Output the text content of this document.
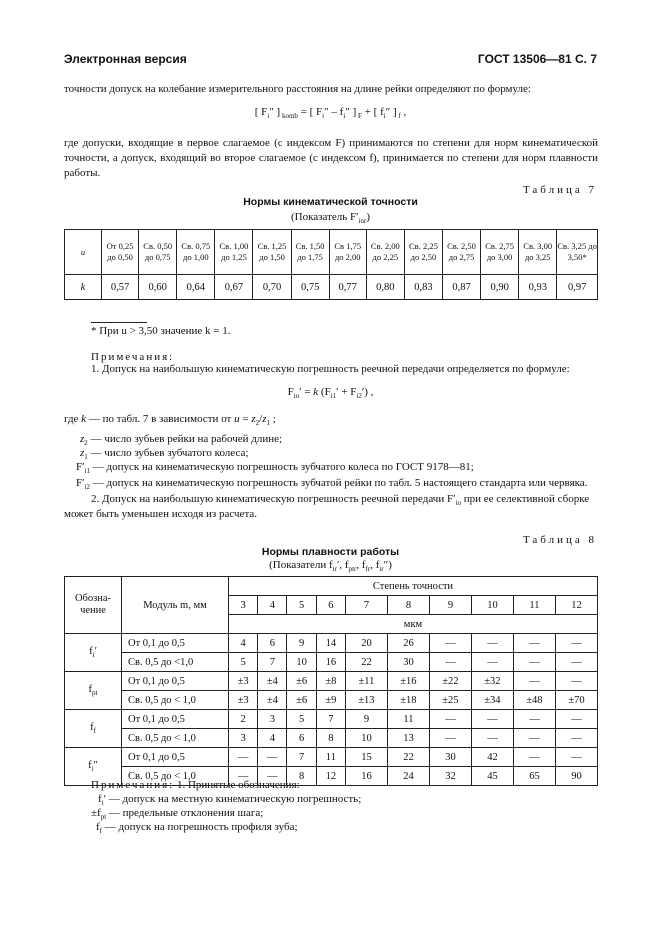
Электронная версия	ГОСТ 13506—81 С. 7
точности допуск на колебание измерительного расстояния на длине рейки определяют по формуле:
[ $F_i''$ ] $_{komb}$ = [ $F_i'' - f_i''$ ] $_F$ + [ $f_i''$ ] $_f$ ,
где допуски, входящие в первое слагаемое (с индексом F) принимаются по степени для норм кинематической точности, а допуск, входящий во второе слагаемое (с индексом f), принимается по степени для норм плавности работы.
Таблица 7
Нормы кинематической точности
(Показатель $F'_{ior}$)
u	От 0,25 до 0,50	Св. 0,50 до 0,75	Св. 0,75 до 1,00	Св. 1,00 до 1,25	Св. 1,25 до 1,50	Св. 1,50 до 1,75	Св 1,75 до 2,00	Св. 2,00 до 2,25	Св. 2,25 до 2,50	Св. 2,50 до 2,75	Св. 2,75 до 3,00	Св. 3,00 до 3,25	Св. 3,25 до 3,50*
k	0,57	0,60	0,64	0,67	0,70	0,75	0,77	0,80	0,83	0,87	0,90	0,93	0,97
* При u > 3,50 значение k = 1.
Примечания:
1. Допуск на наибольшую кинематическую погрешность реечной передачи определяется по формуле:
$F_{io}' = k$ $(F_{i1}' + F_{i2}')$ ,
где k — по табл. 7 в зависимости от $u = z_2/z_1$ ;
$z_2$ — число зубьев рейки на рабочей длине;
$z_1$ — число зубьев зубчатого колеса;
$F'_{i1}$ — допуск на кинематическую погрешность зубчатого колеса по ГОСТ 9178—81;
$F'_{i2}$ — допуск на кинематическую погрешность зубчатой рейки по табл. 5 настоящего стандарта или червяка.
2. Допуск на наибольшую кинематическую погрешность реечной передачи $F'_{io}$ при ее селективной сборке
может быть уменьшен исходя из расчета.
Таблица 8
Нормы плавности работы
(Показатели $f_{ir}'$, $f_{ptr}$, $f_{fr}$, $f_{ir}''$)
Обозна-чение	Модуль m, мм	Степень точности									
		3	4	5	6	7	8	9	10	11	12
		мкм									
$f_i'$	От 0,1 до 0,5	4	6	9	14	20	26	—	—	—	—
	Св. 0,5 до <1,0	5	7	10	16	22	30	—	—	—	—
$f_{pt}$	От 0,1 до 0,5	±3	±4	±6	±8	±11	±16	±22	±32	—	—
	Св. 0,5 до < 1,0	±3	±4	±6	±9	±13	±18	±25	±34	±48	±70
$f_f$	От 0,1 до 0,5	2	3	5	7	9	11	—	—	—	—
	Св. 0,5 до < 1,0	3	4	6	8	10	13	—	—	—	—
$f_i''$	От 0,1 до 0,5	—	—	7	11	15	22	30	42	—	—
	Св. 0,5 до < 1,0	—	—	8	12	16	24	32	45	65	90
Примечания: 1. Принятые обозначения:
$f_i'$ — допуск на местную кинематическую погрешность;
$\pm f_{pt}$ — предельные отклонения шага;
$f_f$ — допуск на погрешность профиля зуба;
